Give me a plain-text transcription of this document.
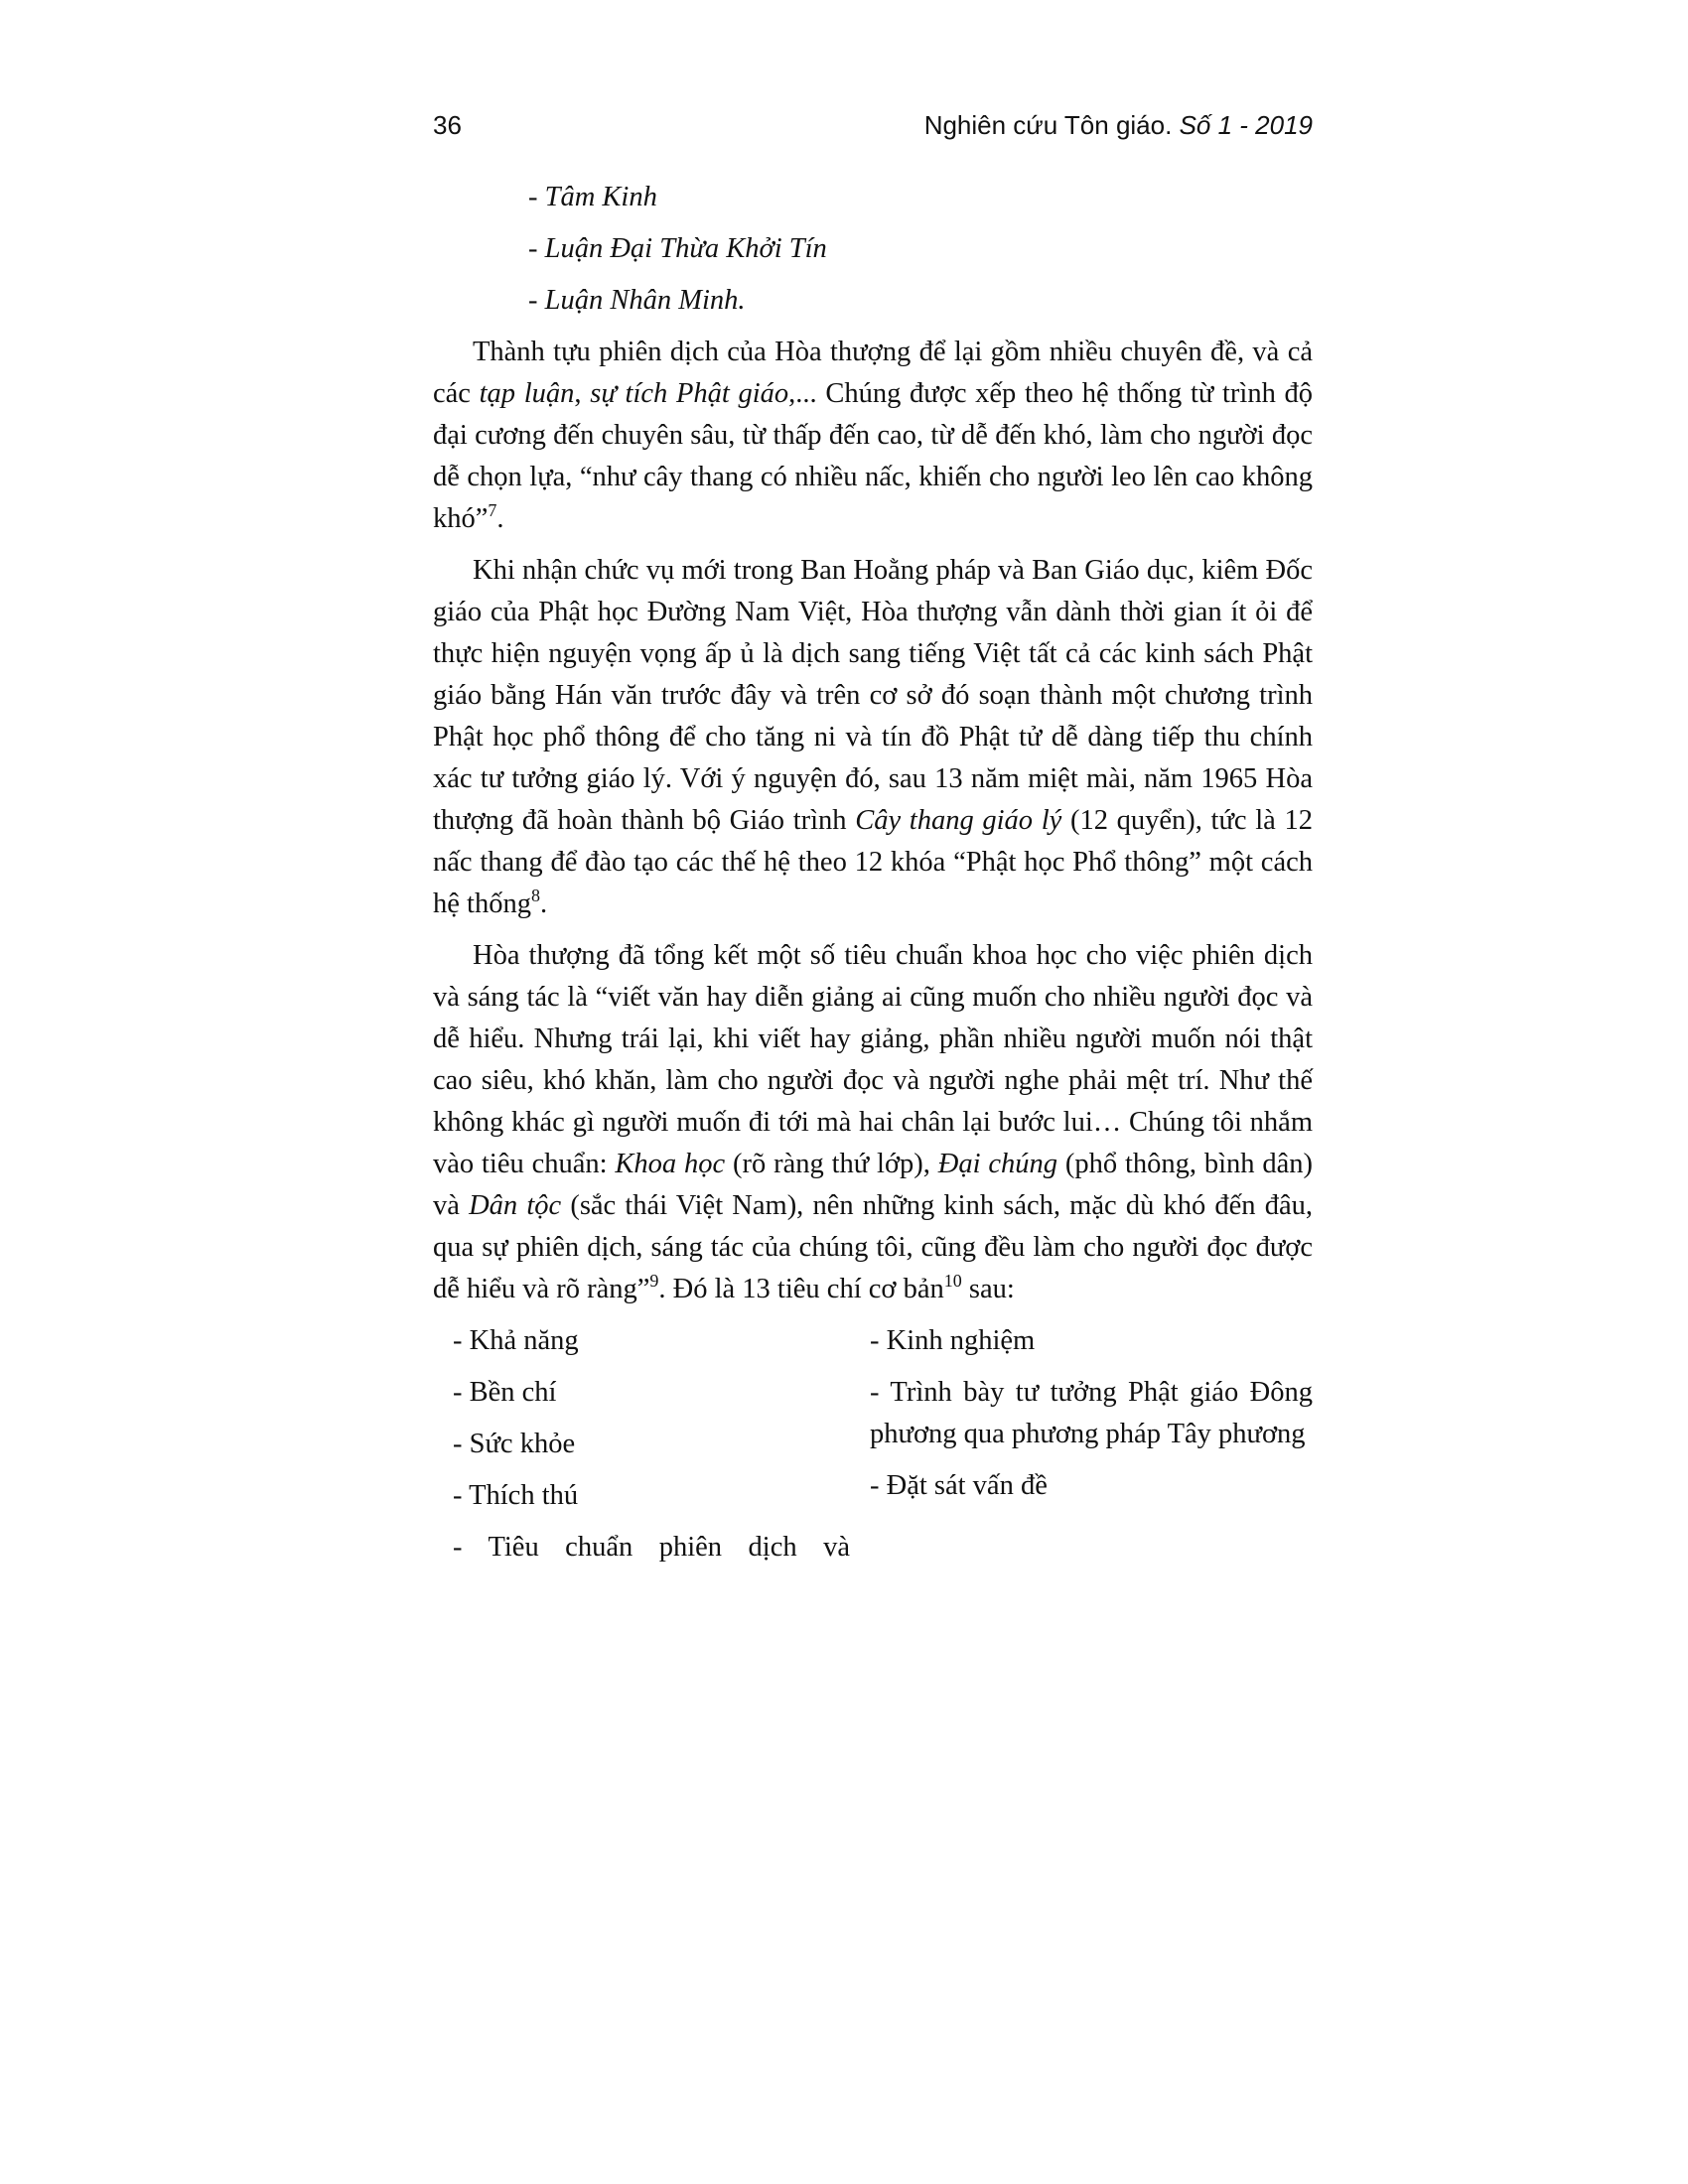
36	Nghiên cứu Tôn giáo. Số 1 - 2019
- Tâm Kinh
- Luận Đại Thừa Khởi Tín
- Luận Nhân Minh.

Thành tựu phiên dịch của Hòa thượng để lại gồm nhiều chuyên đề, và cả các tạp luận, sự tích Phật giáo,... Chúng được xếp theo hệ thống từ trình độ đại cương đến chuyên sâu, từ thấp đến cao, từ dễ đến khó, làm cho người đọc dễ chọn lựa, “như cây thang có nhiều nấc, khiến cho người leo lên cao không khó”$^7$.

Khi nhận chức vụ mới trong Ban Hoằng pháp và Ban Giáo dục, kiêm Đốc giáo của Phật học Đường Nam Việt, Hòa thượng vẫn dành thời gian ít ỏi để thực hiện nguyện vọng ấp ủ là dịch sang tiếng Việt tất cả các kinh sách Phật giáo bằng Hán văn trước đây và trên cơ sở đó soạn thành một chương trình Phật học phổ thông để cho tăng ni và tín đồ Phật tử dễ dàng tiếp thu chính xác tư tưởng giáo lý. Với ý nguyện đó, sau 13 năm miệt mài, năm 1965 Hòa thượng đã hoàn thành bộ Giáo trình Cây thang giáo lý (12 quyển), tức là 12 nấc thang để đào tạo các thế hệ theo 12 khóa “Phật học Phổ thông” một cách hệ thống$^8$.

Hòa thượng đã tổng kết một số tiêu chuẩn khoa học cho việc phiên dịch và sáng tác là “viết văn hay diễn giảng ai cũng muốn cho nhiều người đọc và dễ hiểu. Nhưng trái lại, khi viết hay giảng, phần nhiều người muốn nói thật cao siêu, khó khăn, làm cho người đọc và người nghe phải mệt trí. Như thế không khác gì người muốn đi tới mà hai chân lại bước lui… Chúng tôi nhắm vào tiêu chuẩn: Khoa học (rõ ràng thứ lớp), Đại chúng (phổ thông, bình dân) và Dân tộc (sắc thái Việt Nam), nên những kinh sách, mặc dù khó đến đâu, qua sự phiên dịch, sáng tác của chúng tôi, cũng đều làm cho người đọc được dễ hiểu và rõ ràng”$^9$. Đó là 13 tiêu chí cơ bản$^{10}$ sau:

- Khả năng
- Bền chí
- Sức khỏe
- Thích thú
- Tiêu chuẩn phiên dịch và
- Kinh nghiệm
- Trình bày tư tưởng Phật giáo Đông phương qua phương pháp Tây phương
- Đặt sát vấn đề
